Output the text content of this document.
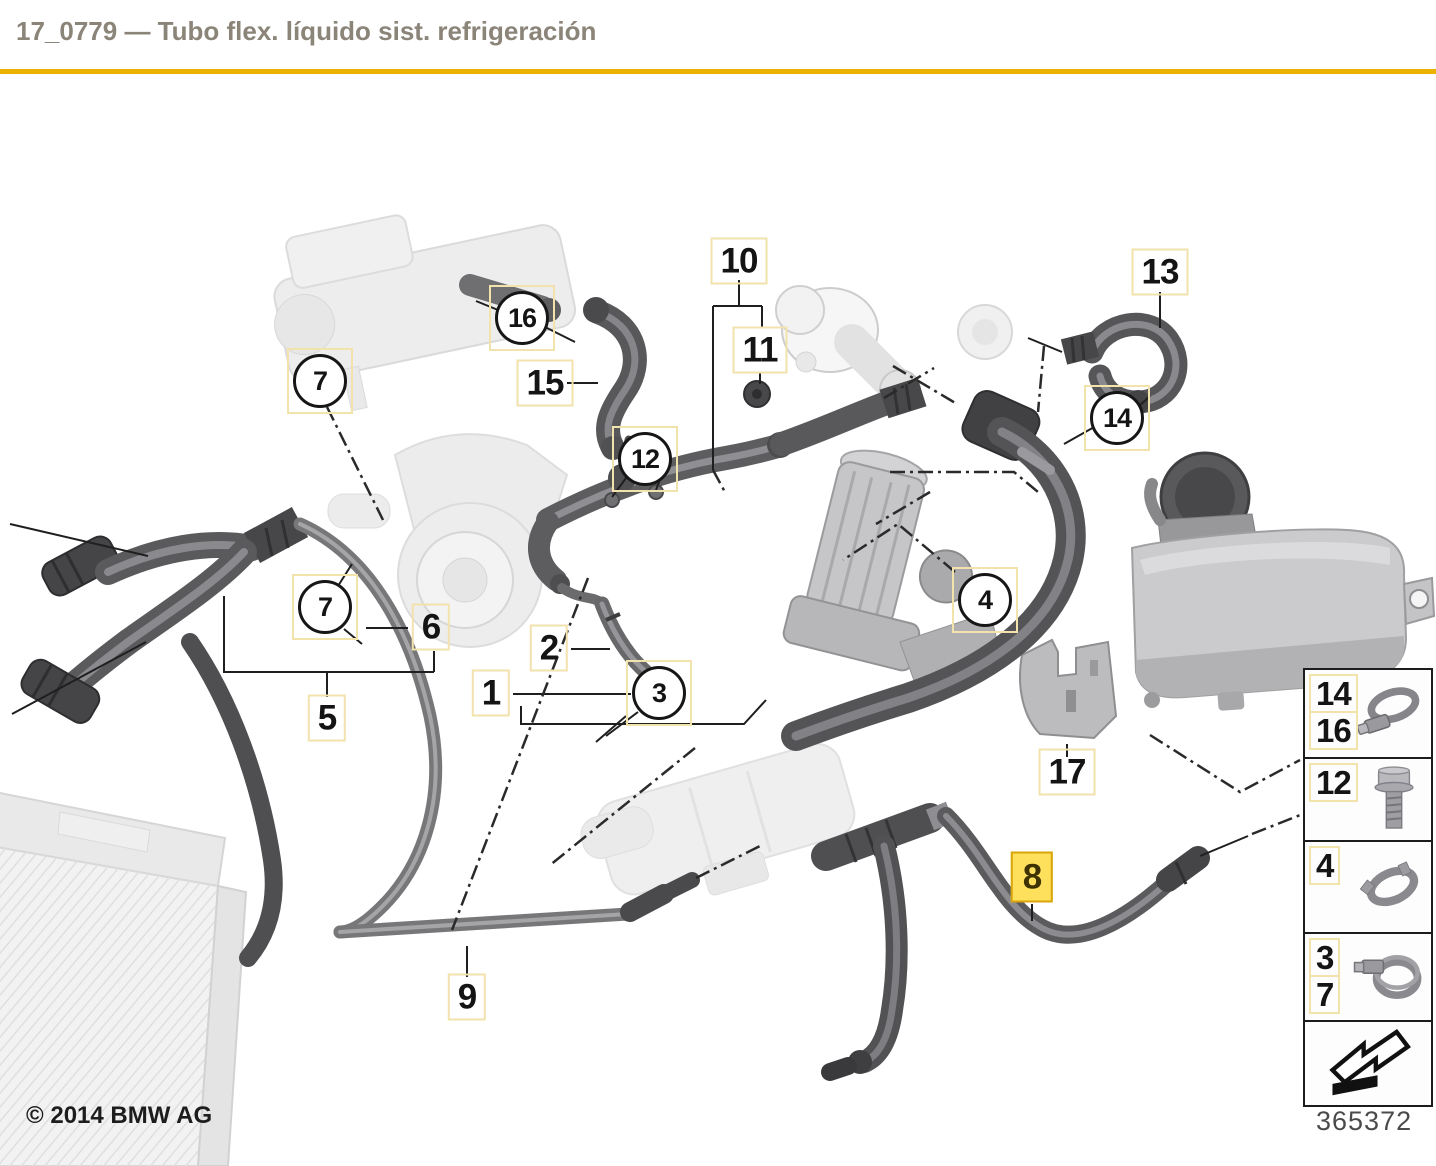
17_0779 — Tubo flex. líquido sist. refrigeración
7
16
15
10
11
13
14
12
4
7
6
2
1	3
5
17
8
9
14
16
12
4
3
7
365372
© 2014 BMW AG
